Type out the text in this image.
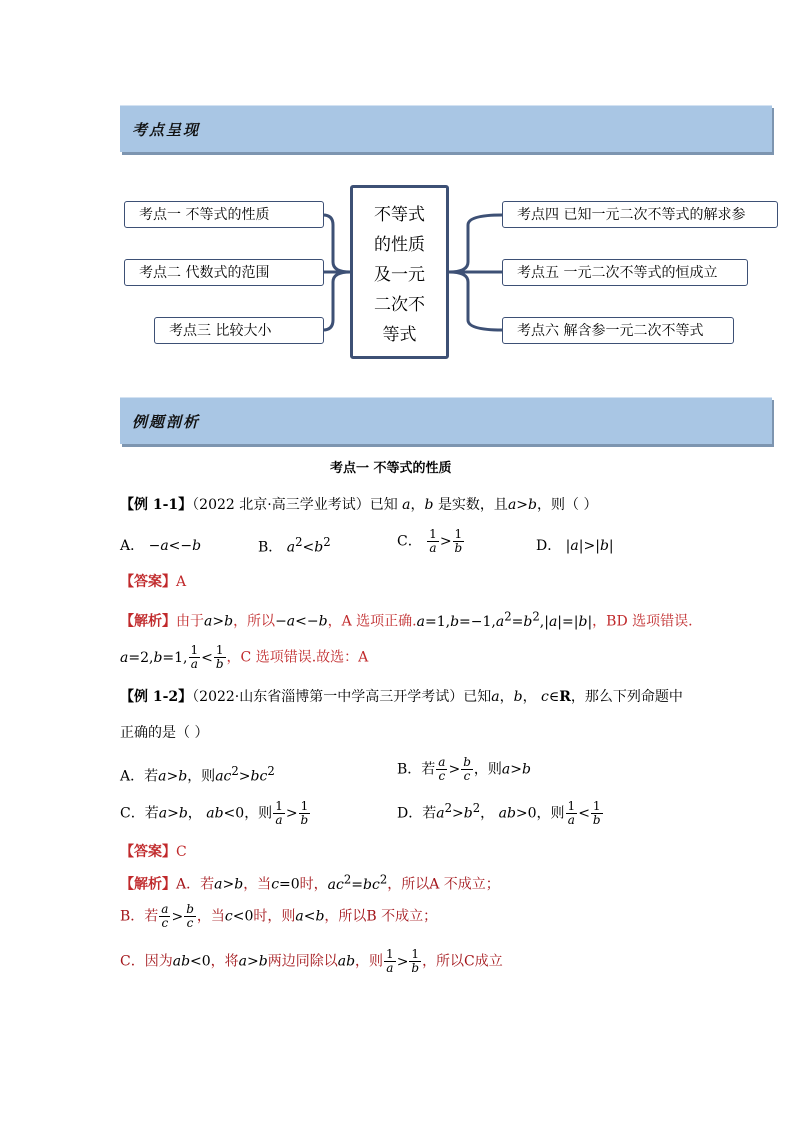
考点呈现
考点一 不等式的性质
考点二 代数式的范围
考点三 比较大小
不等式
的性质
及一元
二次不
等式
考点四 已知一元二次不等式的解求参
考点五 一元二次不等式的恒成立
考点六 解含参一元二次不等式
例题剖析
考点一 不等式的性质
【例 1-1】（2022 北京·高三学业考试）已知 a，b 是实数，且a>b，则（ ）
A． −a<−b	B． $a^2<b^2$	C． $\frac{1}{a} > \frac{1}{b}$	D． |a|>|b|
【答案】A
【解析】由于a>b，所以−a<−b，A 选项正确$.a=1,b=-1,a^2=b^2,|a|=|b|$，BD 选项错误.
a=2,b=1, $\frac{1}{a} < \frac{1}{b}$ ，C 选项错误.故选：A
【例 1-2】（2022·山东省淄博第一中学高三开学考试）已知a，b， c∈R，那么下列命题中
正确的是（ ）
A．若a>b，则$ac^2>bc^2$	B．若 $\frac{a}{c} > \frac{b}{c}$ ，则a>b
C．若a>b， ab<0，则 $\frac{1}{a} > \frac{1}{b}$	D．若$a^2>b^2$， ab>0，则 $\frac{1}{a} < \frac{1}{b}$
【答案】C
【解析】A．若a>b，当c=0时，$ac^2=bc^2$，所以A 不成立；
B．若 $\frac{a}{c} > \frac{b}{c}$ ，当c<0时，则a<b，所以B 不成立；
C．因为ab<0，将a>b两边同除以ab，则 $\frac{1}{a} > \frac{1}{b}$ ，所以C成立
